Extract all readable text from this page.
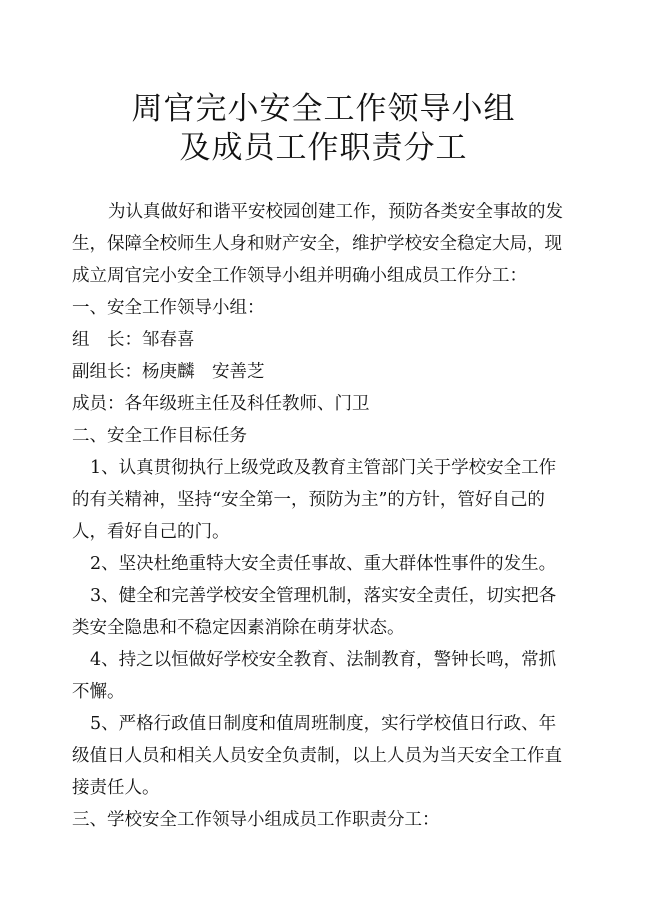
周官完小安全工作领导小组
及成员工作职责分工

为认真做好和谐平安校园创建工作，预防各类安全事故的发

生，保障全校师生人身和财产安全，维护学校安全稳定大局，现

成立周官完小安全工作领导小组并明确小组成员工作分工：

一、安全工作领导小组：

组　长：邹春喜

副组长：杨庚麟　安善芝

成员：各年级班主任及科任教师、门卫

二、安全工作目标任务

1、认真贯彻执行上级党政及教育主管部门关于学校安全工作

的有关精神，坚持“安全第一，预防为主”的方针，管好自己的

人，看好自己的门。

2、坚决杜绝重特大安全责任事故、重大群体性事件的发生。

3、健全和完善学校安全管理机制，落实安全责任，切实把各

类安全隐患和不稳定因素消除在萌芽状态。

4、持之以恒做好学校安全教育、法制教育，警钟长鸣，常抓

不懈。

5、严格行政值日制度和值周班制度，实行学校值日行政、年

级值日人员和相关人员安全负责制，以上人员为当天安全工作直

接责任人。

三、学校安全工作领导小组成员工作职责分工：
